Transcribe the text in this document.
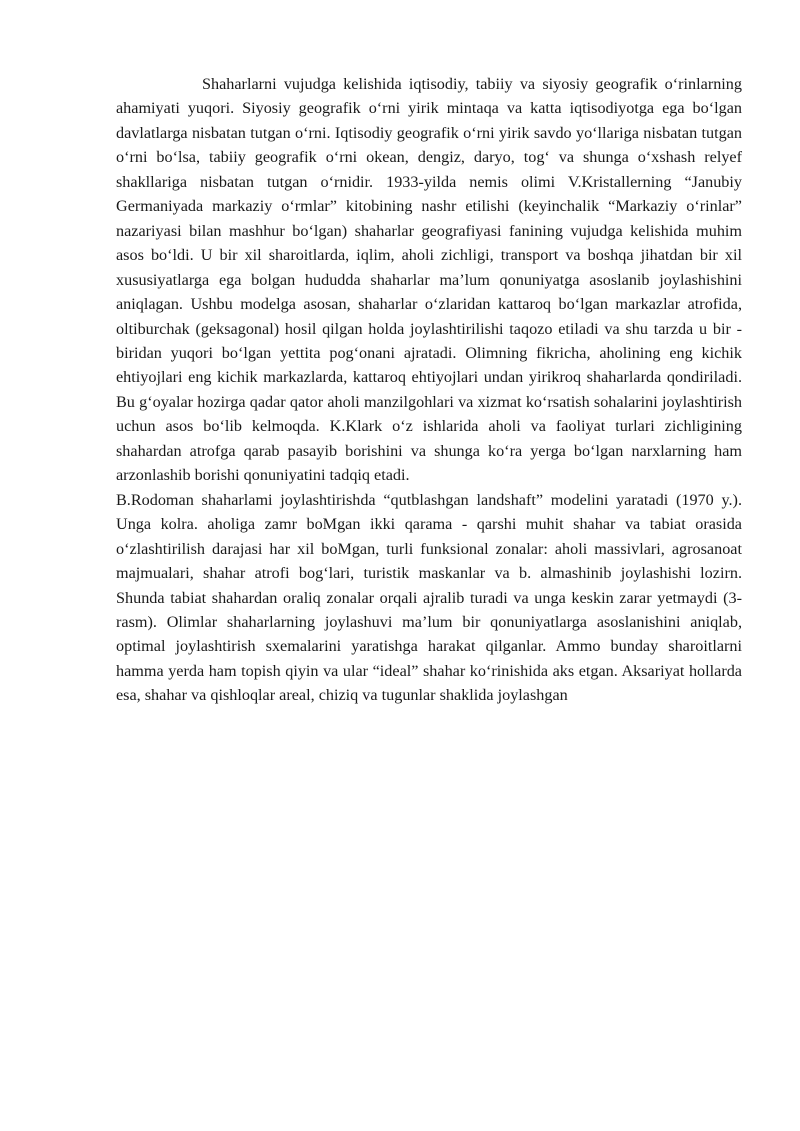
Shaharlarni vujudga kelishida iqtisodiy, tabiiy va siyosiy geografik o‘rinlarning ahamiyati yuqori. Siyosiy geografik o‘rni yirik mintaqa va katta iqtisodiyotga ega bo‘lgan davlatlarga nisbatan tutgan o‘rni. Iqtisodiy geografik o‘rni yirik savdo yo‘llariga nisbatan tutgan o‘rni bo‘lsa, tabiiy geografik o‘rni okean, dengiz, daryo, tog‘ va shunga o‘xshash relyef shakllariga nisbatan tutgan o‘rnidir. 1933-yilda nemis olimi V.Kristallerning “Janubiy Germaniyada markaziy o‘rmlar” kitobining nashr etilishi (keyinchalik “Markaziy o‘rinlar” nazariyasi bilan mashhur bo‘lgan) shaharlar geografiyasi fanining vujudga kelishida muhim asos bo‘ldi. U bir xil sharoitlarda, iqlim, aholi zichligi, transport va boshqa jihatdan bir xil xususiyatlarga ega bolgan hududda shaharlar ma’lum qonuniyatga asoslanib joylashishini aniqlagan. Ushbu modelga asosan, shaharlar o‘zlaridan kattaroq bo‘lgan markazlar atrofida, oltiburchak (geksagonal) hosil qilgan holda joylashtirilishi taqozo etiladi va shu tarzda u bir - biridan yuqori bo‘lgan yettita pog‘onani ajratadi. Olimning fikricha, aholining eng kichik ehtiyojlari eng kichik markazlarda, kattaroq ehtiyojlari undan yirikroq shaharlarda qondiriladi. Bu g‘oyalar hozirga qadar qator aholi manzilgohlari va xizmat ko‘rsatish sohalarini joylashtirish uchun asos bo‘lib kelmoqda. K.Klark o‘z ishlarida aholi va faoliyat turlari zichligining shahardan atrofga qarab pasayib borishini va shunga ko‘ra yerga bo‘lgan narxlarning ham arzonlashib borishi qonuniyatini tadqiq etadi.

B.Rodoman shaharlami joylashtirishda “qutblashgan landshaft” modelini yaratadi (1970 y.). Unga kolra. aholiga zamr boMgan ikki qarama - qarshi muhit shahar va tabiat orasida o‘zlashtirilish darajasi har xil boMgan, turli funksional zonalar: aholi massivlari, agrosanoat majmualari, shahar atrofi bog‘lari, turistik maskanlar va b. almashinib joylashishi lozirn. Shunda tabiat shahardan oraliq zonalar orqali ajralib turadi va unga keskin zarar yetmaydi (3-rasm). Olimlar shaharlarning joylashuvi ma’lum bir qonuniyatlarga asoslanishini aniqlab, optimal joylashtirish sxemalarini yaratishga harakat qilganlar. Ammo bunday sharoitlarni hamma yerda ham topish qiyin va ular “ideal” shahar ko‘rinishida aks etgan. Aksariyat hollarda esa, shahar va qishloqlar areal, chiziq va tugunlar shaklida joylashgan
